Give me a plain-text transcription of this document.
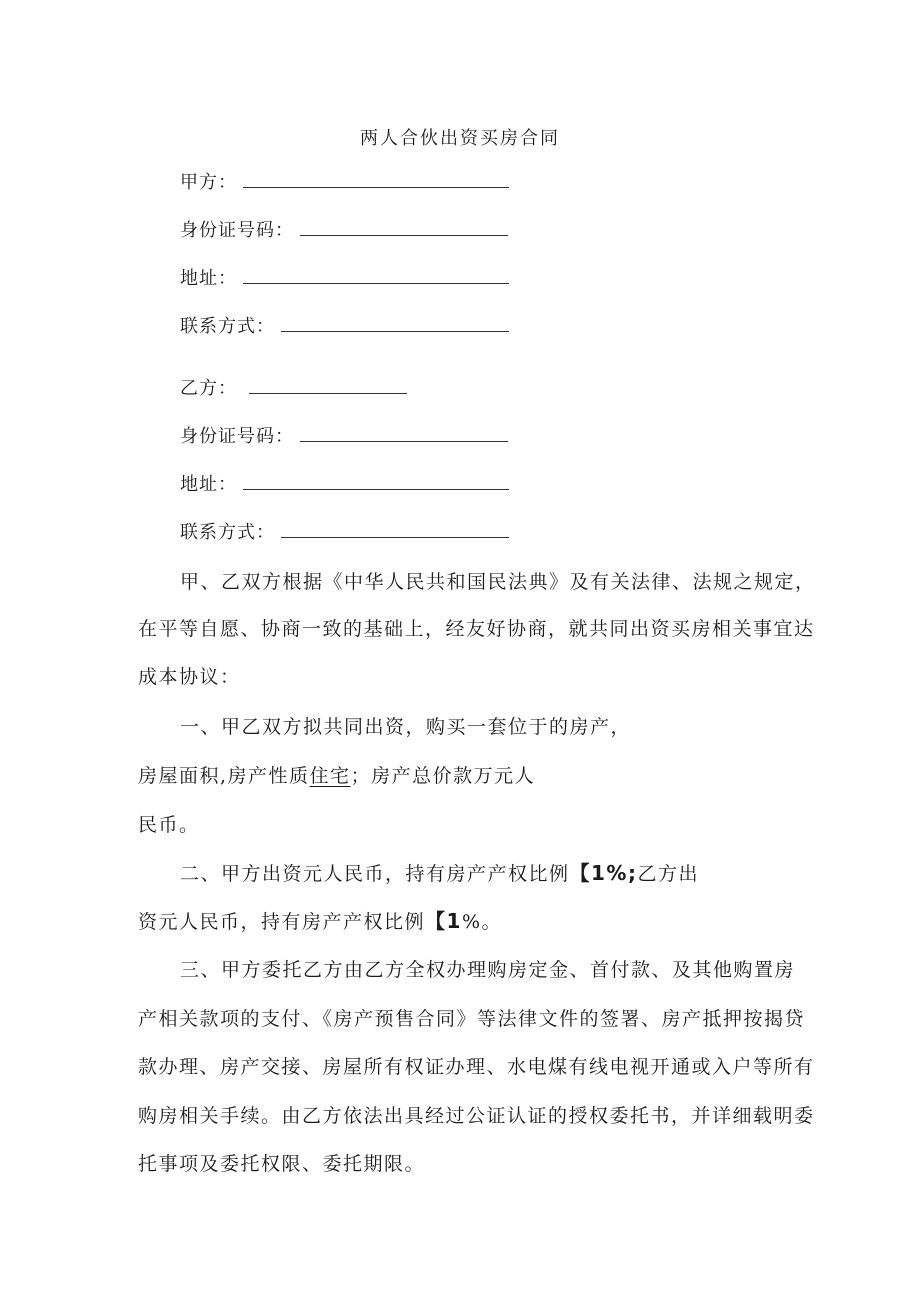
两人合伙出资买房合同
甲方：
身份证号码：
地址：
联系方式：
乙方：
身份证号码：
地址：
联系方式：
甲、乙双方根据《中华人民共和国民法典》及有关法律、法规之规定，
在平等自愿、协商一致的基础上，经友好协商，就共同出资买房相关事宜达
成本协议：
一、甲乙双方拟共同出资，购买一套位于的房产，
房屋面积,房产性质住宅；房产总价款万元人
民币。
二、甲方出资元人民币，持有房产产权比例【1%;乙方出
资元人民币，持有房产产权比例【1%。
三、甲方委托乙方由乙方全权办理购房定金、首付款、及其他购置房
产相关款项的支付、《房产预售合同》等法律文件的签署、房产抵押按揭贷
款办理、房产交接、房屋所有权证办理、水电煤有线电视开通或入户等所有
购房相关手续。由乙方依法出具经过公证认证的授权委托书，并详细载明委
托事项及委托权限、委托期限。
